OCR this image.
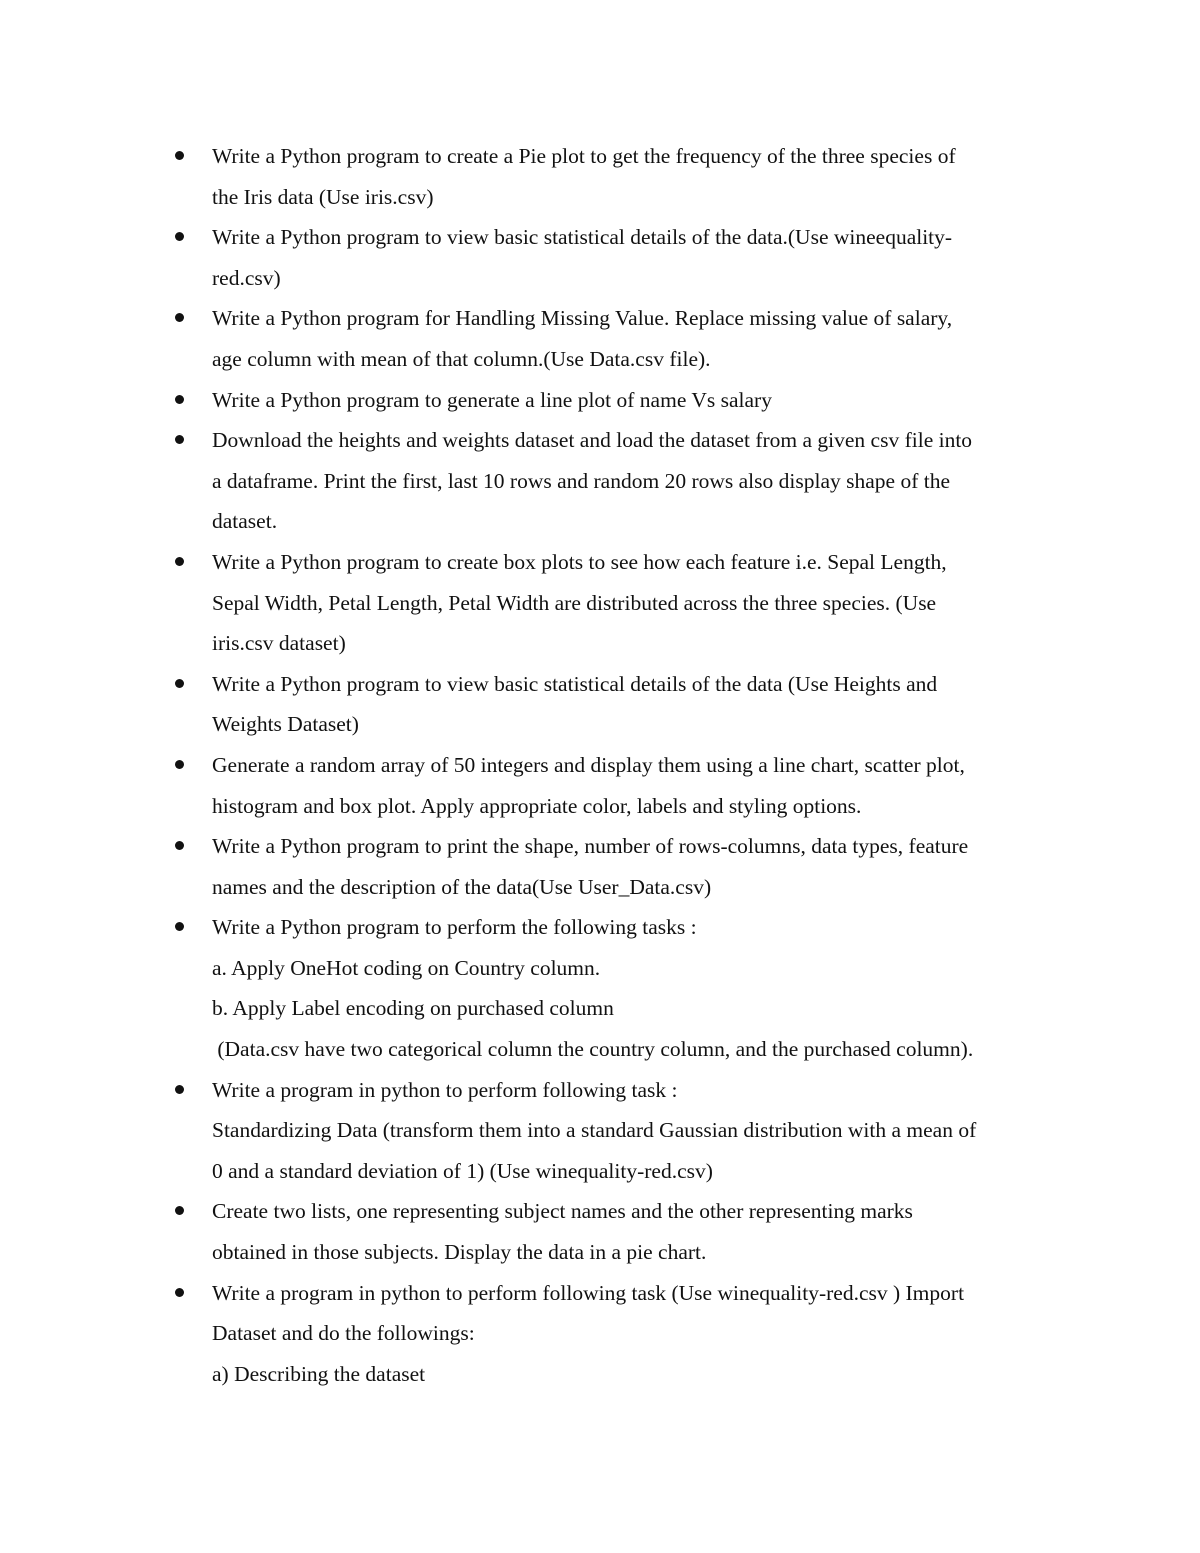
Write a Python program to create a Pie plot to get the frequency of the three species of
the Iris data (Use iris.csv)
Write a Python program to view basic statistical details of the data.(Use wineequality-
red.csv)
Write a Python program for Handling Missing Value. Replace missing value of salary,
age column with mean of that column.(Use Data.csv file).
Write a Python program to generate a line plot of name Vs salary
Download the heights and weights dataset and load the dataset from a given csv file into
a dataframe. Print the first, last 10 rows and random 20 rows also display shape of the
dataset.
Write a Python program to create box plots to see how each feature i.e. Sepal Length,
Sepal Width, Petal Length, Petal Width are distributed across the three species. (Use
iris.csv dataset)
Write a Python program to view basic statistical details of the data (Use Heights and
Weights Dataset)
Generate a random array of 50 integers and display them using a line chart, scatter plot,
histogram and box plot. Apply appropriate color, labels and styling options.
Write a Python program to print the shape, number of rows-columns, data types, feature
names and the description of the data(Use User_Data.csv)
Write a Python program to perform the following tasks :
a. Apply OneHot coding on Country column.
b. Apply Label encoding on purchased column
(Data.csv have two categorical column the country column, and the purchased column).
Write a program in python to perform following task :
Standardizing Data (transform them into a standard Gaussian distribution with a mean of
0 and a standard deviation of 1) (Use winequality-red.csv)
Create two lists, one representing subject names and the other representing marks
obtained in those subjects. Display the data in a pie chart.
Write a program in python to perform following task (Use winequality-red.csv ) Import
Dataset and do the followings:
a) Describing the dataset
